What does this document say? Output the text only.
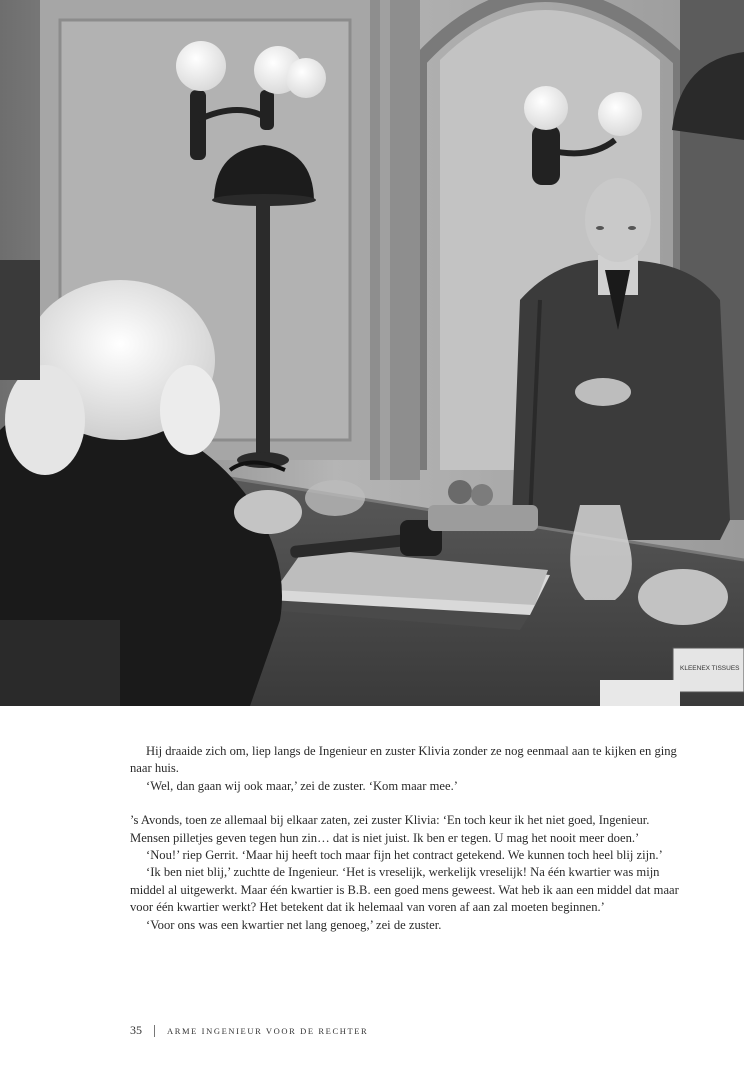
KLEENEX TISSUES

Hij draaide zich om, liep langs de Ingenieur en zuster Klivia zonder ze nog eenmaal aan te kijken en ging naar huis.

‘Wel, dan gaan wij ook maar,’ zei de zuster. ‘Kom maar mee.’

’s Avonds, toen ze allemaal bij elkaar zaten, zei zuster Klivia: ‘En toch keur ik het niet goed, Ingenieur. Mensen pilletjes geven tegen hun zin… dat is niet juist. Ik ben er tegen. U mag het nooit meer doen.’

‘Nou!’ riep Gerrit. ‘Maar hij heeft toch maar fijn het contract getekend. We kunnen toch heel blij zijn.’

‘Ik ben niet blij,’ zuchtte de Ingenieur. ‘Het is vreselijk, werkelijk vreselijk! Na één kwartier was mijn middel al uitgewerkt. Maar één kwartier is B.B. een goed mens geweest. Wat heb ik aan een middel dat maar voor één kwartier werkt? Het betekent dat ik helemaal van voren af aan zal moeten beginnen.’

‘Voor ons was een kwartier net lang genoeg,’ zei de zuster.

35	ARME INGENIEUR VOOR DE RECHTER
